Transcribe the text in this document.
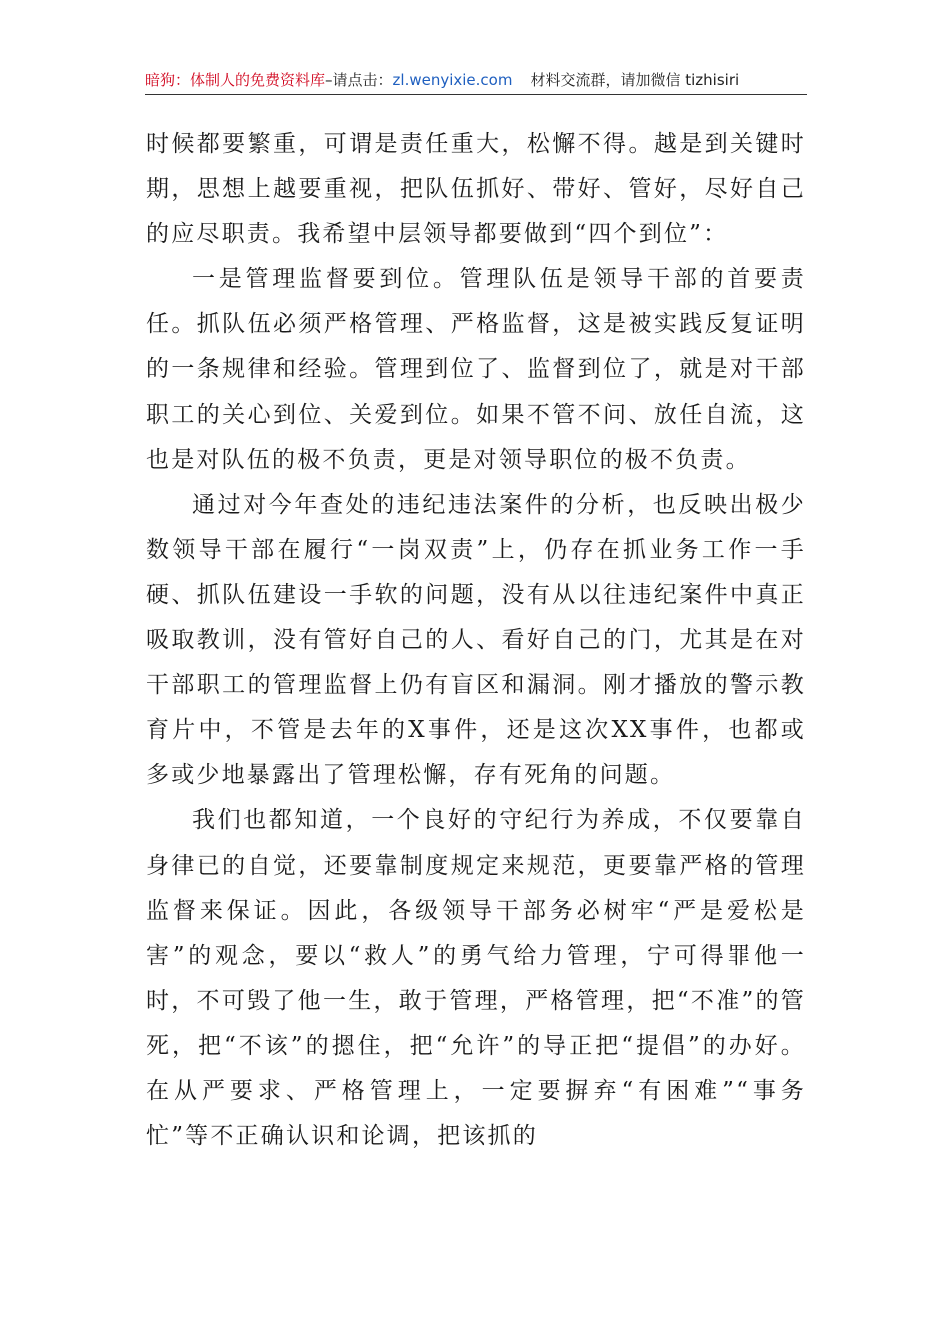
暗狗：体制人的免费资料库–请点击：zl.wenyixie.com 材料交流群，请加微信 tizhisiri

时候都要繁重，可谓是责任重大，松懈不得。越是到关键时期，思想上越要重视，把队伍抓好、带好、管好，尽好自己的应尽职责。我希望中层领导都要做到“四个到位”：

一是管理监督要到位。管理队伍是领导干部的首要责任。抓队伍必须严格管理、严格监督，这是被实践反复证明的一条规律和经验。管理到位了、监督到位了，就是对干部职工的关心到位、关爱到位。如果不管不问、放任自流，这也是对队伍的极不负责，更是对领导职位的极不负责。

通过对今年查处的违纪违法案件的分析，也反映出极少数领导干部在履行“一岗双责”上，仍存在抓业务工作一手硬、抓队伍建设一手软的问题，没有从以往违纪案件中真正吸取教训，没有管好自己的人、看好自己的门，尤其是在对干部职工的管理监督上仍有盲区和漏洞。刚才播放的警示教育片中，不管是去年的X事件，还是这次XX事件，也都或多或少地暴露出了管理松懈，存有死角的问题。

我们也都知道，一个良好的守纪行为养成，不仅要靠自身律已的自觉，还要靠制度规定来规范，更要靠严格的管理监督来保证。因此，各级领导干部务必树牢“严是爱松是害”的观念，要以“救人”的勇气给力管理，宁可得罪他一时，不可毁了他一生，敢于管理，严格管理，把“不准”的管死，把“不该”的摁住，把“允许”的导正把“提倡”的办好。在从严要求、严格管理上，一定要摒弃“有困难”“事务忙”等不正确认识和论调，把该抓的
